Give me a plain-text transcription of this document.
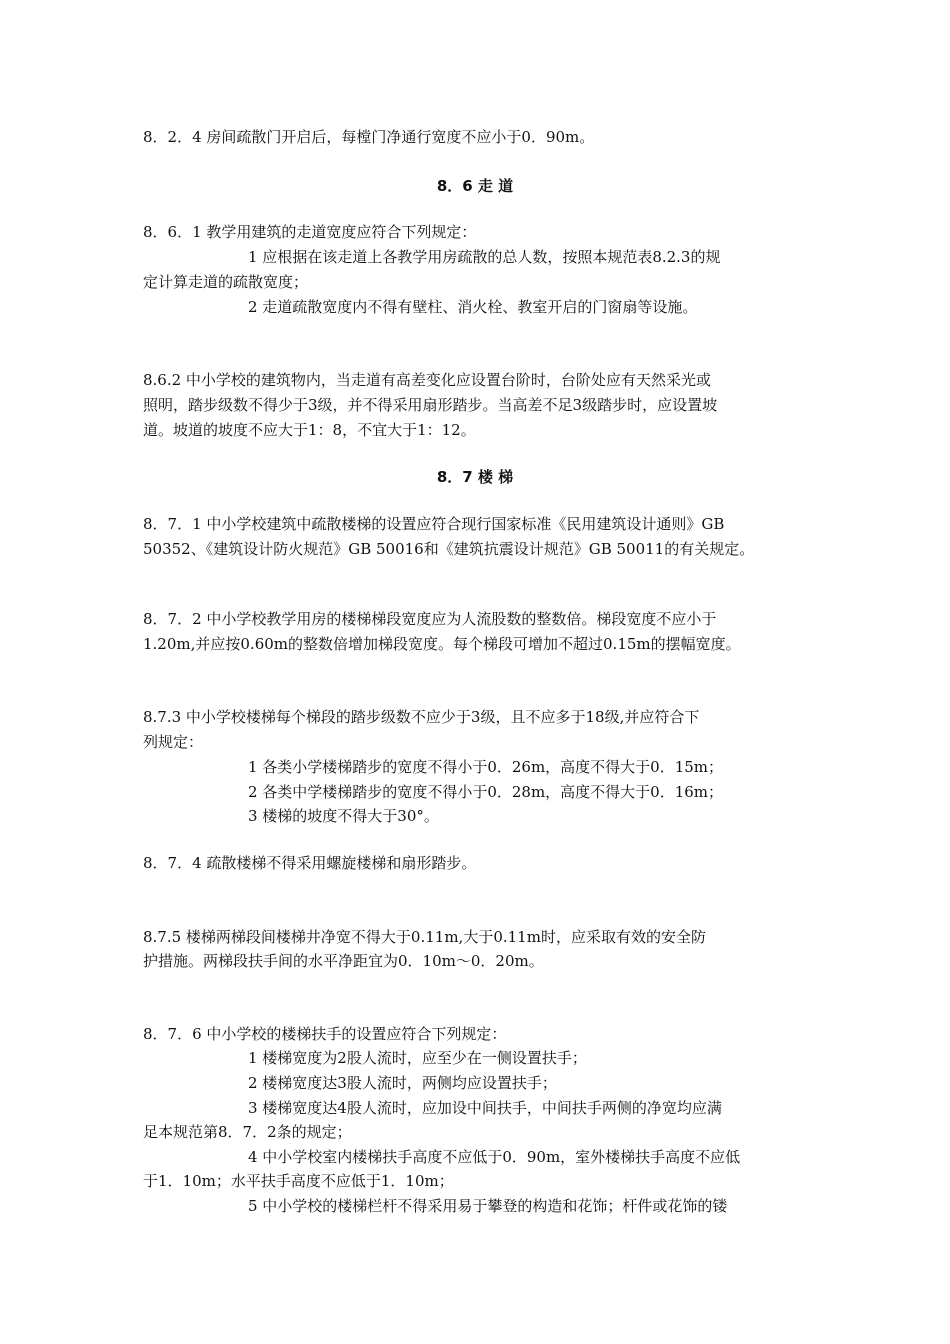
8．2．4 房间疏散门开启后，每樘门净通行宽度不应小于0．90m。
8．6 走 道
8．6．1 教学用建筑的走道宽度应符合下列规定：
1 应根据在该走道上各教学用房疏散的总人数，按照本规范表8.2.3的规
定计算走道的疏散宽度；
2 走道疏散宽度内不得有壁柱、消火栓、教室开启的门窗扇等设施。
8.6.2 中小学校的建筑物内，当走道有高差变化应设置台阶时，台阶处应有天然采光或
照明，踏步级数不得少于3级，并不得采用扇形踏步。当高差不足3级踏步时，应设置坡
道。坡道的坡度不应大于1：8，不宜大于1：12。
8．7 楼 梯
8．7．1 中小学校建筑中疏散楼梯的设置应符合现行国家标准《民用建筑设计通则》GB
50352、《建筑设计防火规范》GB 50016和《建筑抗震设计规范》GB 50011的有关规定。
8．7．2 中小学校教学用房的楼梯梯段宽度应为人流股数的整数倍。梯段宽度不应小于
1.20m,并应按0.60m的整数倍增加梯段宽度。每个梯段可增加不超过0.15m的摆幅宽度。
8.7.3 中小学校楼梯每个梯段的踏步级数不应少于3级，且不应多于18级,并应符合下
列规定：
1 各类小学楼梯踏步的宽度不得小于0．26m，高度不得大于0．15m；
2 各类中学楼梯踏步的宽度不得小于0．28m，高度不得大于0．16m；
3 楼梯的坡度不得大于30°。
8．7．4 疏散楼梯不得采用螺旋楼梯和扇形踏步。
8.7.5 楼梯两梯段间楼梯井净宽不得大于0.11m,大于0.11m时，应采取有效的安全防
护措施。两梯段扶手间的水平净距宜为0．10m～0．20m。
8．7．6 中小学校的楼梯扶手的设置应符合下列规定：
1 楼梯宽度为2股人流时，应至少在一侧设置扶手；
2 楼梯宽度达3股人流时，两侧均应设置扶手；
3 楼梯宽度达4股人流时，应加设中间扶手，中间扶手两侧的净宽均应满
足本规范第8．7．2条的规定；
4 中小学校室内楼梯扶手高度不应低于0．90m，室外楼梯扶手高度不应低
于1．10m；水平扶手高度不应低于1．10m；
5 中小学校的楼梯栏杆不得采用易于攀登的构造和花饰；杆件或花饰的镂
